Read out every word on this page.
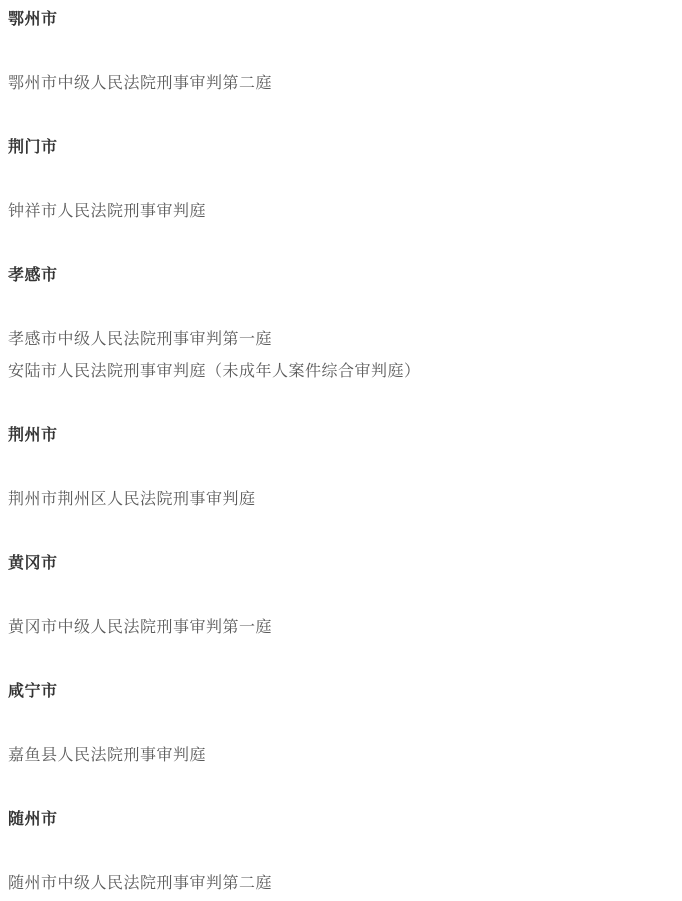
鄂州市

鄂州市中级人民法院刑事审判第二庭

荆门市

钟祥市人民法院刑事审判庭

孝感市

孝感市中级人民法院刑事审判第一庭

安陆市人民法院刑事审判庭（未成年人案件综合审判庭）

荆州市

荆州市荆州区人民法院刑事审判庭

黄冈市

黄冈市中级人民法院刑事审判第一庭

咸宁市

嘉鱼县人民法院刑事审判庭

随州市

随州市中级人民法院刑事审判第二庭
